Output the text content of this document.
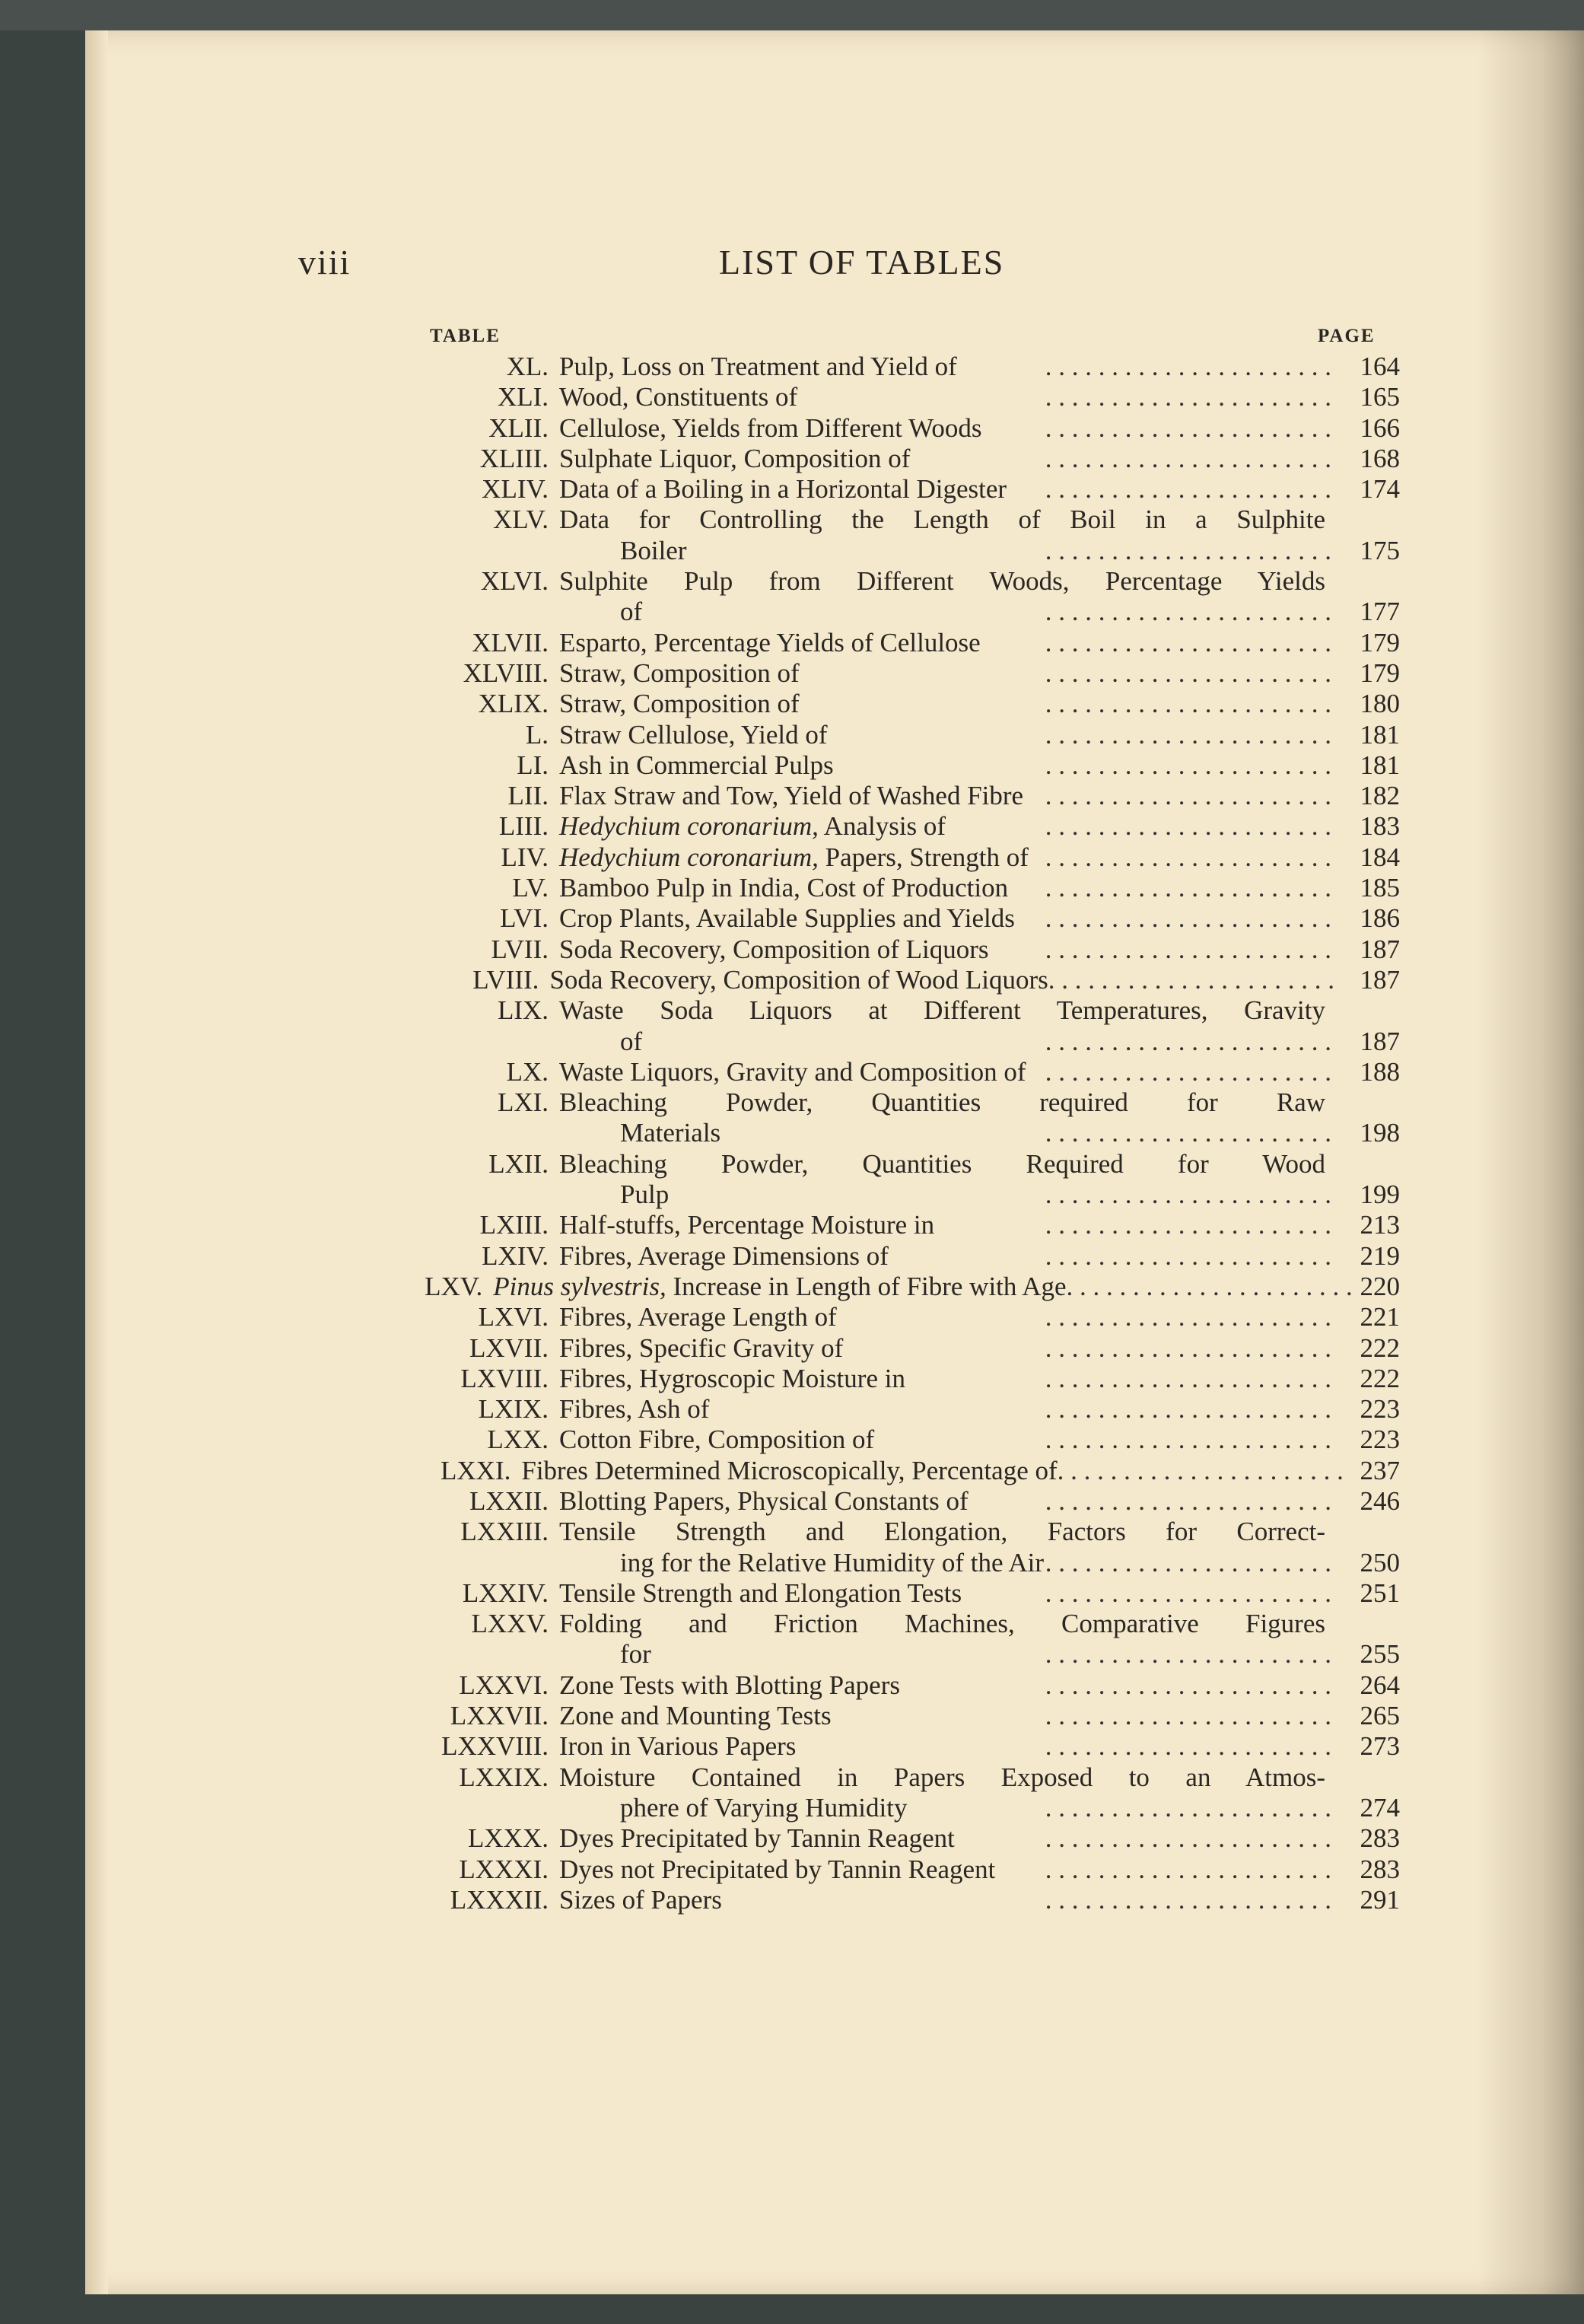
viii	LIST OF TABLES
TABLE	PAGE
XL. Pulp, Loss on Treatment and Yield of	. . . . . . . . . . . . . . . . . . . . . .	164
XLI. Wood, Constituents of	. . . . . . . . . . . . . . . . . . . . . .	165
XLII. Cellulose, Yields from Different Woods	. . . . . . . . . . . . . . . . . . . . . .	166
XLIII. Sulphate Liquor, Composition of	. . . . . . . . . . . . . . . . . . . . . .	168
XLIV. Data of a Boiling in a Horizontal Digester	. . . . . . . . . . . . . . . . . . . . . .	174
XLV. Data for Controlling the Length of Boil in a Sulphite
Boiler	. . . . . . . . . . . . . . . . . . . . . .	175
XLVI. Sulphite Pulp from Different Woods, Percentage Yields
of	. . . . . . . . . . . . . . . . . . . . . .	177
XLVII. Esparto, Percentage Yields of Cellulose	. . . . . . . . . . . . . . . . . . . . . .	179
XLVIII. Straw, Composition of	. . . . . . . . . . . . . . . . . . . . . .	179
XLIX. Straw, Composition of	. . . . . . . . . . . . . . . . . . . . . .	180
L. Straw Cellulose, Yield of	. . . . . . . . . . . . . . . . . . . . . .	181
LI. Ash in Commercial Pulps	. . . . . . . . . . . . . . . . . . . . . .	181
LII. Flax Straw and Tow, Yield of Washed Fibre . . . . . . . . . . . . . . . . . . . . . .	182
LIII. Hedychium coronarium, Analysis of	. . . . . . . . . . . . . . . . . . . . . .	183
LIV. Hedychium coronarium, Papers, Strength of . . . . . . . . . . . . . . . . . . . . . .	184
LV. Bamboo Pulp in India, Cost of Production	. . . . . . . . . . . . . . . . . . . . . .	185
LVI. Crop Plants, Available Supplies and Yields	. . . . . . . . . . . . . . . . . . . . . .	186
LVII. Soda Recovery, Composition of Liquors	. . . . . . . . . . . . . . . . . . . . . .	187
LVIII. Soda Recovery, Composition of Wood Liquors . . . . . . . . . . . . . . . . . . . . . . 187
LIX. Waste Soda Liquors at Different Temperatures, Gravity
of	. . . . . . . . . . . . . . . . . . . . . .	187
LX. Waste Liquors, Gravity and Composition of . . . . . . . . . . . . . . . . . . . . . .	188
LXI. Bleaching Powder, Quantities required for Raw
Materials	. . . . . . . . . . . . . . . . . . . . . .	198
LXII. Bleaching Powder, Quantities Required for Wood
Pulp	. . . . . . . . . . . . . . . . . . . . . .	199
LXIII. Half-stuffs, Percentage Moisture in	. . . . . . . . . . . . . . . . . . . . . .	213
LXIV. Fibres, Average Dimensions of	. . . . . . . . . . . . . . . . . . . . . .	219
LXV. Pinus sylvestris, Increase in Length of Fibre with Age . . . . . . . . . . . . . . . . . . . . . . 220
LXVI. Fibres, Average Length of	. . . . . . . . . . . . . . . . . . . . . .	221
LXVII. Fibres, Specific Gravity of	. . . . . . . . . . . . . . . . . . . . . .	222
LXVIII. Fibres, Hygroscopic Moisture in	. . . . . . . . . . . . . . . . . . . . . .	222
LXIX. Fibres, Ash of	. . . . . . . . . . . . . . . . . . . . . .	223
LXX. Cotton Fibre, Composition of	. . . . . . . . . . . . . . . . . . . . . .	223
LXXI. Fibres Determined Microscopically, Percentage of . . . . . . . . . . . . . . . . . . . . . . 237
LXXII. Blotting Papers, Physical Constants of	. . . . . . . . . . . . . . . . . . . . . .	246
LXXIII. Tensile Strength and Elongation, Factors for Correct-
ing for the Relative Humidity of the Air . . . . . . . . . . . . . . . . . . . . . .	250
LXXIV. Tensile Strength and Elongation Tests	. . . . . . . . . . . . . . . . . . . . . .	251
LXXV. Folding and Friction Machines, Comparative Figures
for	. . . . . . . . . . . . . . . . . . . . . .	255
LXXVI. Zone Tests with Blotting Papers	. . . . . . . . . . . . . . . . . . . . . .	264
LXXVII. Zone and Mounting Tests	. . . . . . . . . . . . . . . . . . . . . .	265
LXXVIII. Iron in Various Papers	. . . . . . . . . . . . . . . . . . . . . .	273
LXXIX. Moisture Contained in Papers Exposed to an Atmos-
phere of Varying Humidity	. . . . . . . . . . . . . . . . . . . . . .	274
LXXX. Dyes Precipitated by Tannin Reagent	. . . . . . . . . . . . . . . . . . . . . .	283
LXXXI. Dyes not Precipitated by Tannin Reagent	. . . . . . . . . . . . . . . . . . . . . .	283
LXXXII. Sizes of Papers	. . . . . . . . . . . . . . . . . . . . . .	291
